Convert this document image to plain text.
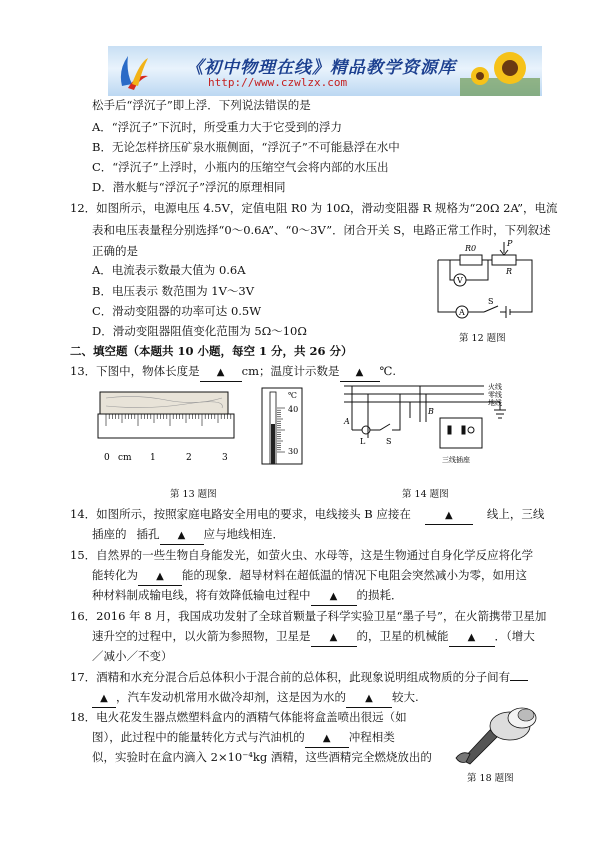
《初中物理在线》精品教学资源库
http://www.czwlzx.com
松手后“浮沉子”即上浮．下列说法错误的是
A．“浮沉子”下沉时，所受重力大于它受到的浮力
B．无论怎样挤压矿泉水瓶侧面，“浮沉子”不可能悬浮在水中
C．“浮沉子”上浮时，小瓶内的压缩空气会将内部的水压出
D．潜水艇与“浮沉子”浮沉的原理相同
12．如图所示，电源电压 4.5V，定值电阻 R0 为 10Ω，滑动变阻器 R 规格为“20Ω 2A”，电流
表和电压表量程分别选择“0～0.6A”、“0～3V”．闭合开关 S，电路正常工作时，下列叙述
正确的是
A．电流表示数最大值为 0.6A
B．电压表示 数范围为 1V～3V
C．滑动变阻器的功率可达 0.5W
D．滑动变阻器阻值变化范围为 5Ω～10Ω
R0
P
R
V
A
S
第 12 题图
二、填空题（本题共 10 小题，每空 1 分，共 26 分）
13．下图中，物体长度是 ▲ cm；温度计示数是 ▲ ℃.
0 cm 1	2	3
℃
40
30
第 13 题图
火线
零线
地线
A
B
L	S
三线插座
第 14 题图
14．如图所示，按照家庭电路安全用电的要求，电线接头 B 应接在	▲	线上，三线
插座的 插孔 ▲ 应与地线相连．
15．自然界的一些生物自身能发光，如萤火虫、水母等，这是生物通过自身化学反应将化学
能转化为 ▲ 能的现象．超导材料在超低温的情况下电阻会突然减小为零，如用这
种材料制成输电线，将有效降低输电过程中 ▲ 的损耗．
16．2016 年 8 月，我国成功发射了全球首颗量子科学实验卫星“墨子号”，在火箭携带卫星加
速升空的过程中，以火箭为参照物，卫星是 ▲ 的，卫星的机械能 ▲ ．（增大
／减小／不变）
17．酒精和水充分混合后总体积小于混合前的总体积，此现象说明组成物质的分子间有
▲ ，汽车发动机常用水做冷却剂，这是因为水的 ▲ 较大.
18．电火花发生器点燃塑料盒内的酒精气体能将盒盖喷出很远（如
图），此过程中的能量转化方式与汽油机的 ▲ 冲程相类
似，实验时在盒内滴入 2×10⁻⁴kg 酒精，这些酒精完全燃烧放出的
第 18 题图
